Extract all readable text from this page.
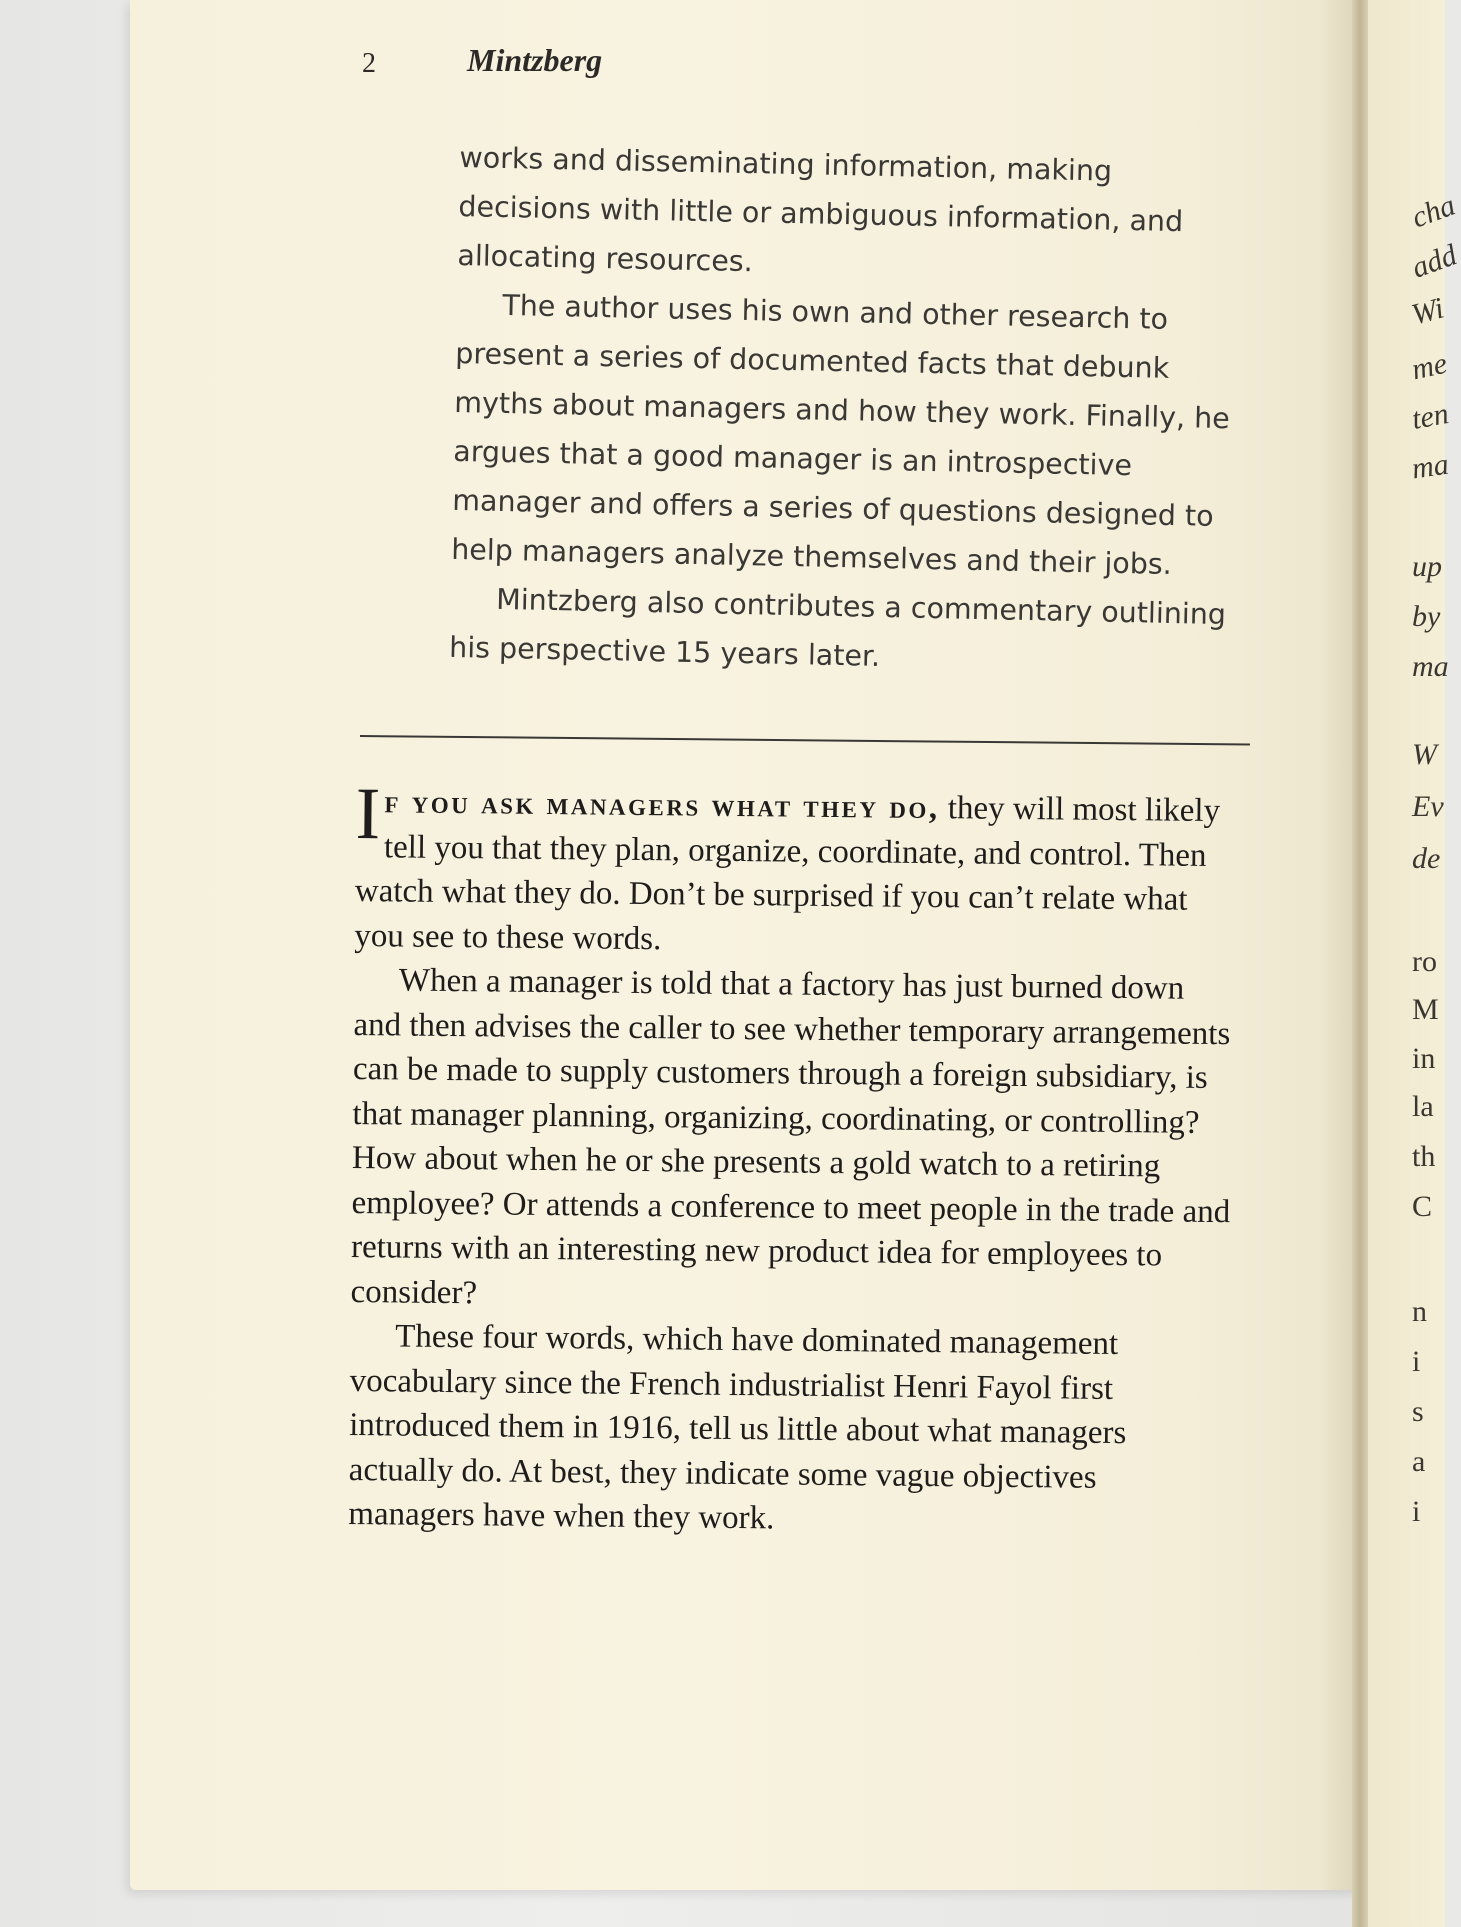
cha
add
Wi
me
ten
ma
up
by
ma
W
Ev
de
ro
M
in
la
th
C
n
i
s
a
i
2	Mintzberg

works and disseminating information, making decisions with little or ambiguous information, and allocating resources.

The author uses his own and other research to present a series of documented facts that debunk myths about managers and how they work. Finally, he argues that a good manager is an introspective manager and offers a series of questions designed to help managers analyze themselves and their jobs.

Mintzberg also contributes a commentary outlining his perspective 15 years later.

If you ask managers what they do, they will most likely tell you that they plan, organize, coordinate, and control. Then watch what they do. Don’t be surprised if you can’t relate what you see to these words.

When a manager is told that a factory has just burned down and then advises the caller to see whether temporary arrangements can be made to supply customers through a foreign subsidiary, is that manager planning, organizing, coordinating, or controlling? How about when he or she presents a gold watch to a retiring employee? Or attends a conference to meet people in the trade and returns with an interesting new product idea for employees to consider?

These four words, which have dominated management vocabulary since the French industrialist Henri Fayol first introduced them in 1916, tell us little about what managers actually do. At best, they indicate some vague objectives managers have when they work.
